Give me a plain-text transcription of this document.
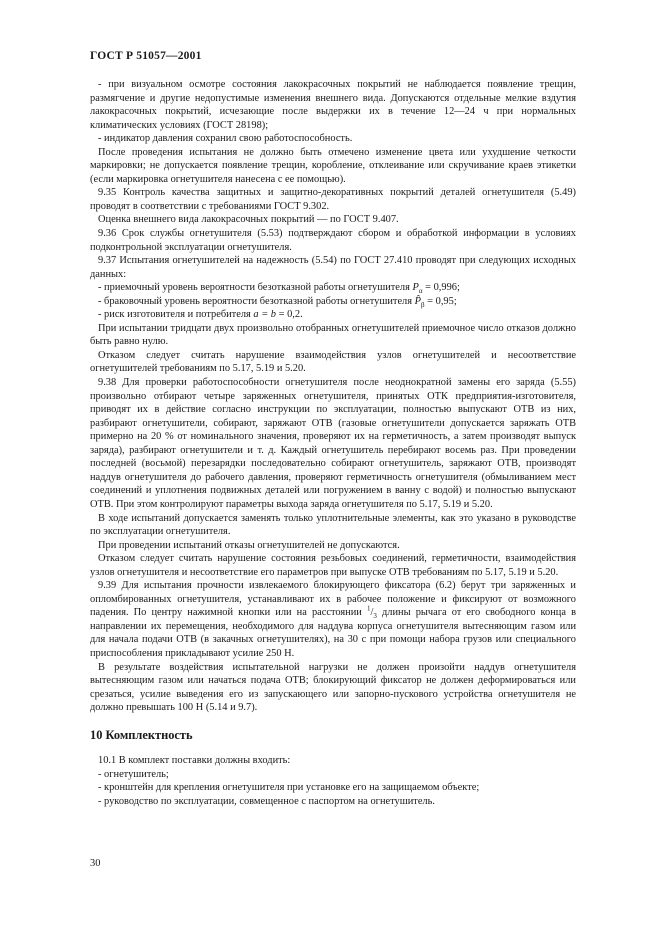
ГОСТ Р 51057—2001

- при визуальном осмотре состояния лакокрасочных покрытий не наблюдается появление трещин, размягчение и другие недопустимые изменения внешнего вида. Допускаются отдельные мелкие вздутия лакокрасочных покрытий, исчезающие после выдержки их в течение 12—24 ч при нормальных климатических условиях (ГОСТ 28198);

- индикатор давления сохранил свою работоспособность.

После проведения испытания не должно быть отмечено изменение цвета или ухудшение четкости маркировки; не допускается появление трещин, коробление, отклеивание или скручивание краев этикетки (если маркировка огнетушителя нанесена с ее помощью).

9.35 Контроль качества защитных и защитно-декоративных покрытий деталей огнетушителя (5.49) проводят в соответствии с требованиями ГОСТ 9.302.

Оценка внешнего вида лакокрасочных покрытий — по ГОСТ 9.407.

9.36 Срок службы огнетушителя (5.53) подтверждают сбором и обработкой информации в условиях подконтрольной эксплуатации огнетушителя.

9.37 Испытания огнетушителей на надежность (5.54) по ГОСТ 27.410 проводят при следующих исходных данных:

- приемочный уровень вероятности безотказной работы огнетушителя $P_\alpha = 0,996$;

- браковочный уровень вероятности безотказной работы огнетушителя $P̂_\beta = 0,95$;

- риск изготовителя и потребителя a = b = 0,2.

При испытании тридцати двух произвольно отобранных огнетушителей приемочное число отказов должно быть равно нулю.

Отказом следует считать нарушение взаимодействия узлов огнетушителей и несоответствие огнетушителей требованиям по 5.17, 5.19 и 5.20.

9.38 Для проверки работоспособности огнетушителя после неоднократной замены его заряда (5.55) произвольно отбирают четыре заряженных огнетушителя, принятых ОТК предприятия-изготовителя, приводят их в действие согласно инструкции по эксплуатации, полностью выпускают ОТВ из них, разбирают огнетушители, собирают, заряжают ОТВ (газовые огнетушители допускается заряжать ОТВ примерно на 20 % от номинального значения, проверяют их на герметичность, а затем производят выпуск заряда), разбирают огнетушители и т. д. Каждый огнетушитель перебирают восемь раз. При проведении последней (восьмой) перезарядки последовательно собирают огнетушитель, заряжают ОТВ, производят наддув огнетушителя до рабочего давления, проверяют герметичность огнетушителя (обмыливанием мест соединений и уплотнения подвижных деталей или погружением в ванну с водой) и полностью выпускают ОТВ. При этом контролируют параметры выхода заряда огнетушителя по 5.17, 5.19 и 5.20.

В ходе испытаний допускается заменять только уплотнительные элементы, как это указано в руководстве по эксплуатации огнетушителя.

При проведении испытаний отказы огнетушителей не допускаются.

Отказом следует считать нарушение состояния резьбовых соединений, герметичности, взаимодействия узлов огнетушителя и несоответствие его параметров при выпуске ОТВ требованиям по 5.17, 5.19 и 5.20.

9.39 Для испытания прочности извлекаемого блокирующего фиксатора (6.2) берут три заряженных и опломбированных огнетушителя, устанавливают их в рабочее положение и фиксируют от возможного падения. По центру нажимной кнопки или на расстоянии $^1/_3$ длины рычага от его свободного конца в направлении их перемещения, необходимого для наддува корпуса огнетушителя вытесняющим газом или для начала подачи ОТВ (в закачных огнетушителях), на 30 с при помощи набора грузов или специального приспособления прикладывают усилие 250 Н.

В результате воздействия испытательной нагрузки не должен произойти наддув огнетушителя вытесняющим газом или начаться подача ОТВ; блокирующий фиксатор не должен деформироваться или срезаться, усилие выведения его из запускающего или запорно-пускового устройства огнетушителя не должно превышать 100 Н (5.14 и 9.7).

10 Комплектность

10.1 В комплект поставки должны входить:

- огнетушитель;

- кронштейн для крепления огнетушителя при установке его на защищаемом объекте;

- руководство по эксплуатации, совмещенное с паспортом на огнетушитель.

30
